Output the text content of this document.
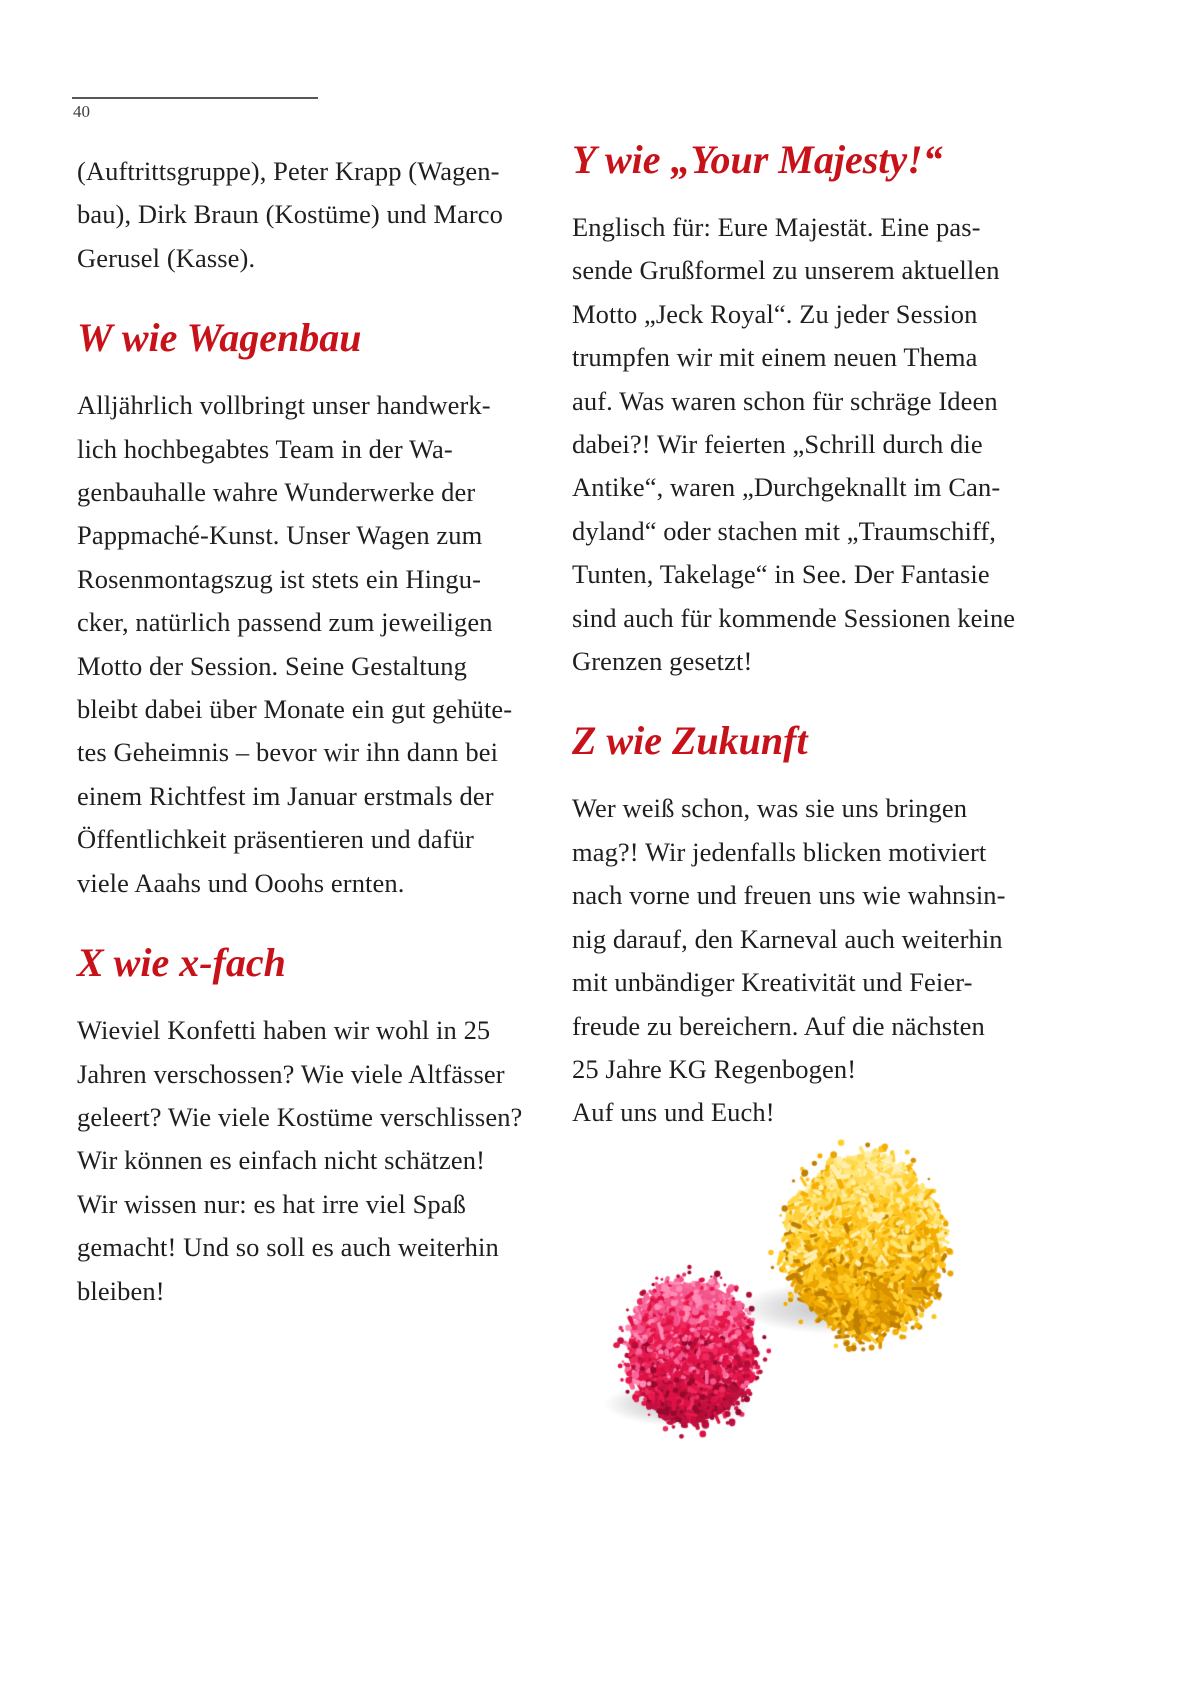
40
(Auftrittsgruppe), Peter Krapp (Wagen-
bau), Dirk Braun (Kostüme) und Marco
Gerusel (Kasse).
W wie Wagenbau
Alljährlich vollbringt unser handwerk-
lich hochbegabtes Team in der Wa-
genbauhalle wahre Wunderwerke der
Pappmaché-Kunst. Unser Wagen zum
Rosenmontagszug ist stets ein Hingu-
cker, natürlich passend zum jeweiligen
Motto der Session. Seine Gestaltung
bleibt dabei über Monate ein gut gehüte-
tes Geheimnis – bevor wir ihn dann bei
einem Richtfest im Januar erstmals der
Öffentlichkeit präsentieren und dafür
viele Aaahs und Ooohs ernten.
X wie x-fach
Wieviel Konfetti haben wir wohl in 25
Jahren verschossen? Wie viele Altfässer
geleert? Wie viele Kostüme verschlissen?
Wir können es einfach nicht schätzen!
Wir wissen nur: es hat irre viel Spaß
gemacht! Und so soll es auch weiterhin
bleiben!
Y wie „Your Majesty!“
Englisch für: Eure Majestät. Eine pas-
sende Grußformel zu unserem aktuellen
Motto „Jeck Royal“. Zu jeder Session
trumpfen wir mit einem neuen Thema
auf. Was waren schon für schräge Ideen
dabei?! Wir feierten „Schrill durch die
Antike“, waren „Durchgeknallt im Can-
dyland“ oder stachen mit „Traumschiff,
Tunten, Takelage“ in See. Der Fantasie
sind auch für kommende Sessionen keine
Grenzen gesetzt!
Z wie Zukunft
Wer weiß schon, was sie uns bringen
mag?! Wir jedenfalls blicken motiviert
nach vorne und freuen uns wie wahnsin-
nig darauf, den Karneval auch weiterhin
mit unbändiger Kreativität und Feier-
freude zu bereichern. Auf die nächsten
